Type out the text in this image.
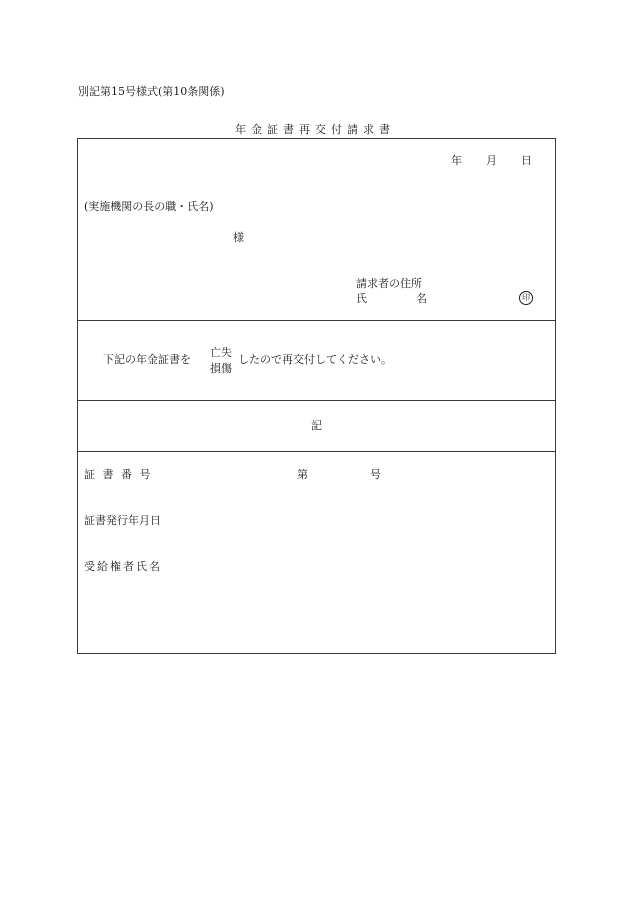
別記第15号様式(第10条関係)
年金証書再交付請求書
年 月 日
(実施機関の長の職・氏名)
様
請求者の住所
氏	名	印
下記の年金証書を
亡失
損傷
したので再交付してください。
記
証 書 番 号	第	号
証書発行年月日
受給権者氏名
